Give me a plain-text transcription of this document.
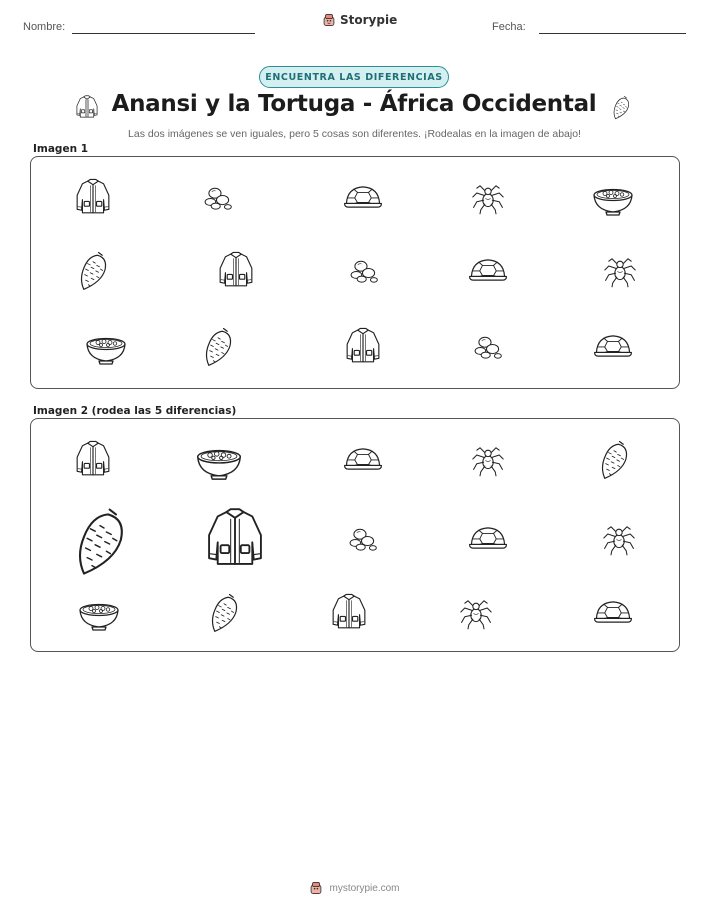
Nombre:	Storypie	Fecha:
ENCUENTRA LAS DIFERENCIAS
Anansi y la Tortuga - África Occidental
Las dos imágenes se ven iguales, pero 5 cosas son diferentes. ¡Rodealas en la imagen de abajo!
Imagen 1
Imagen 2 (rodea las 5 diferencias)
mystorypie.com
